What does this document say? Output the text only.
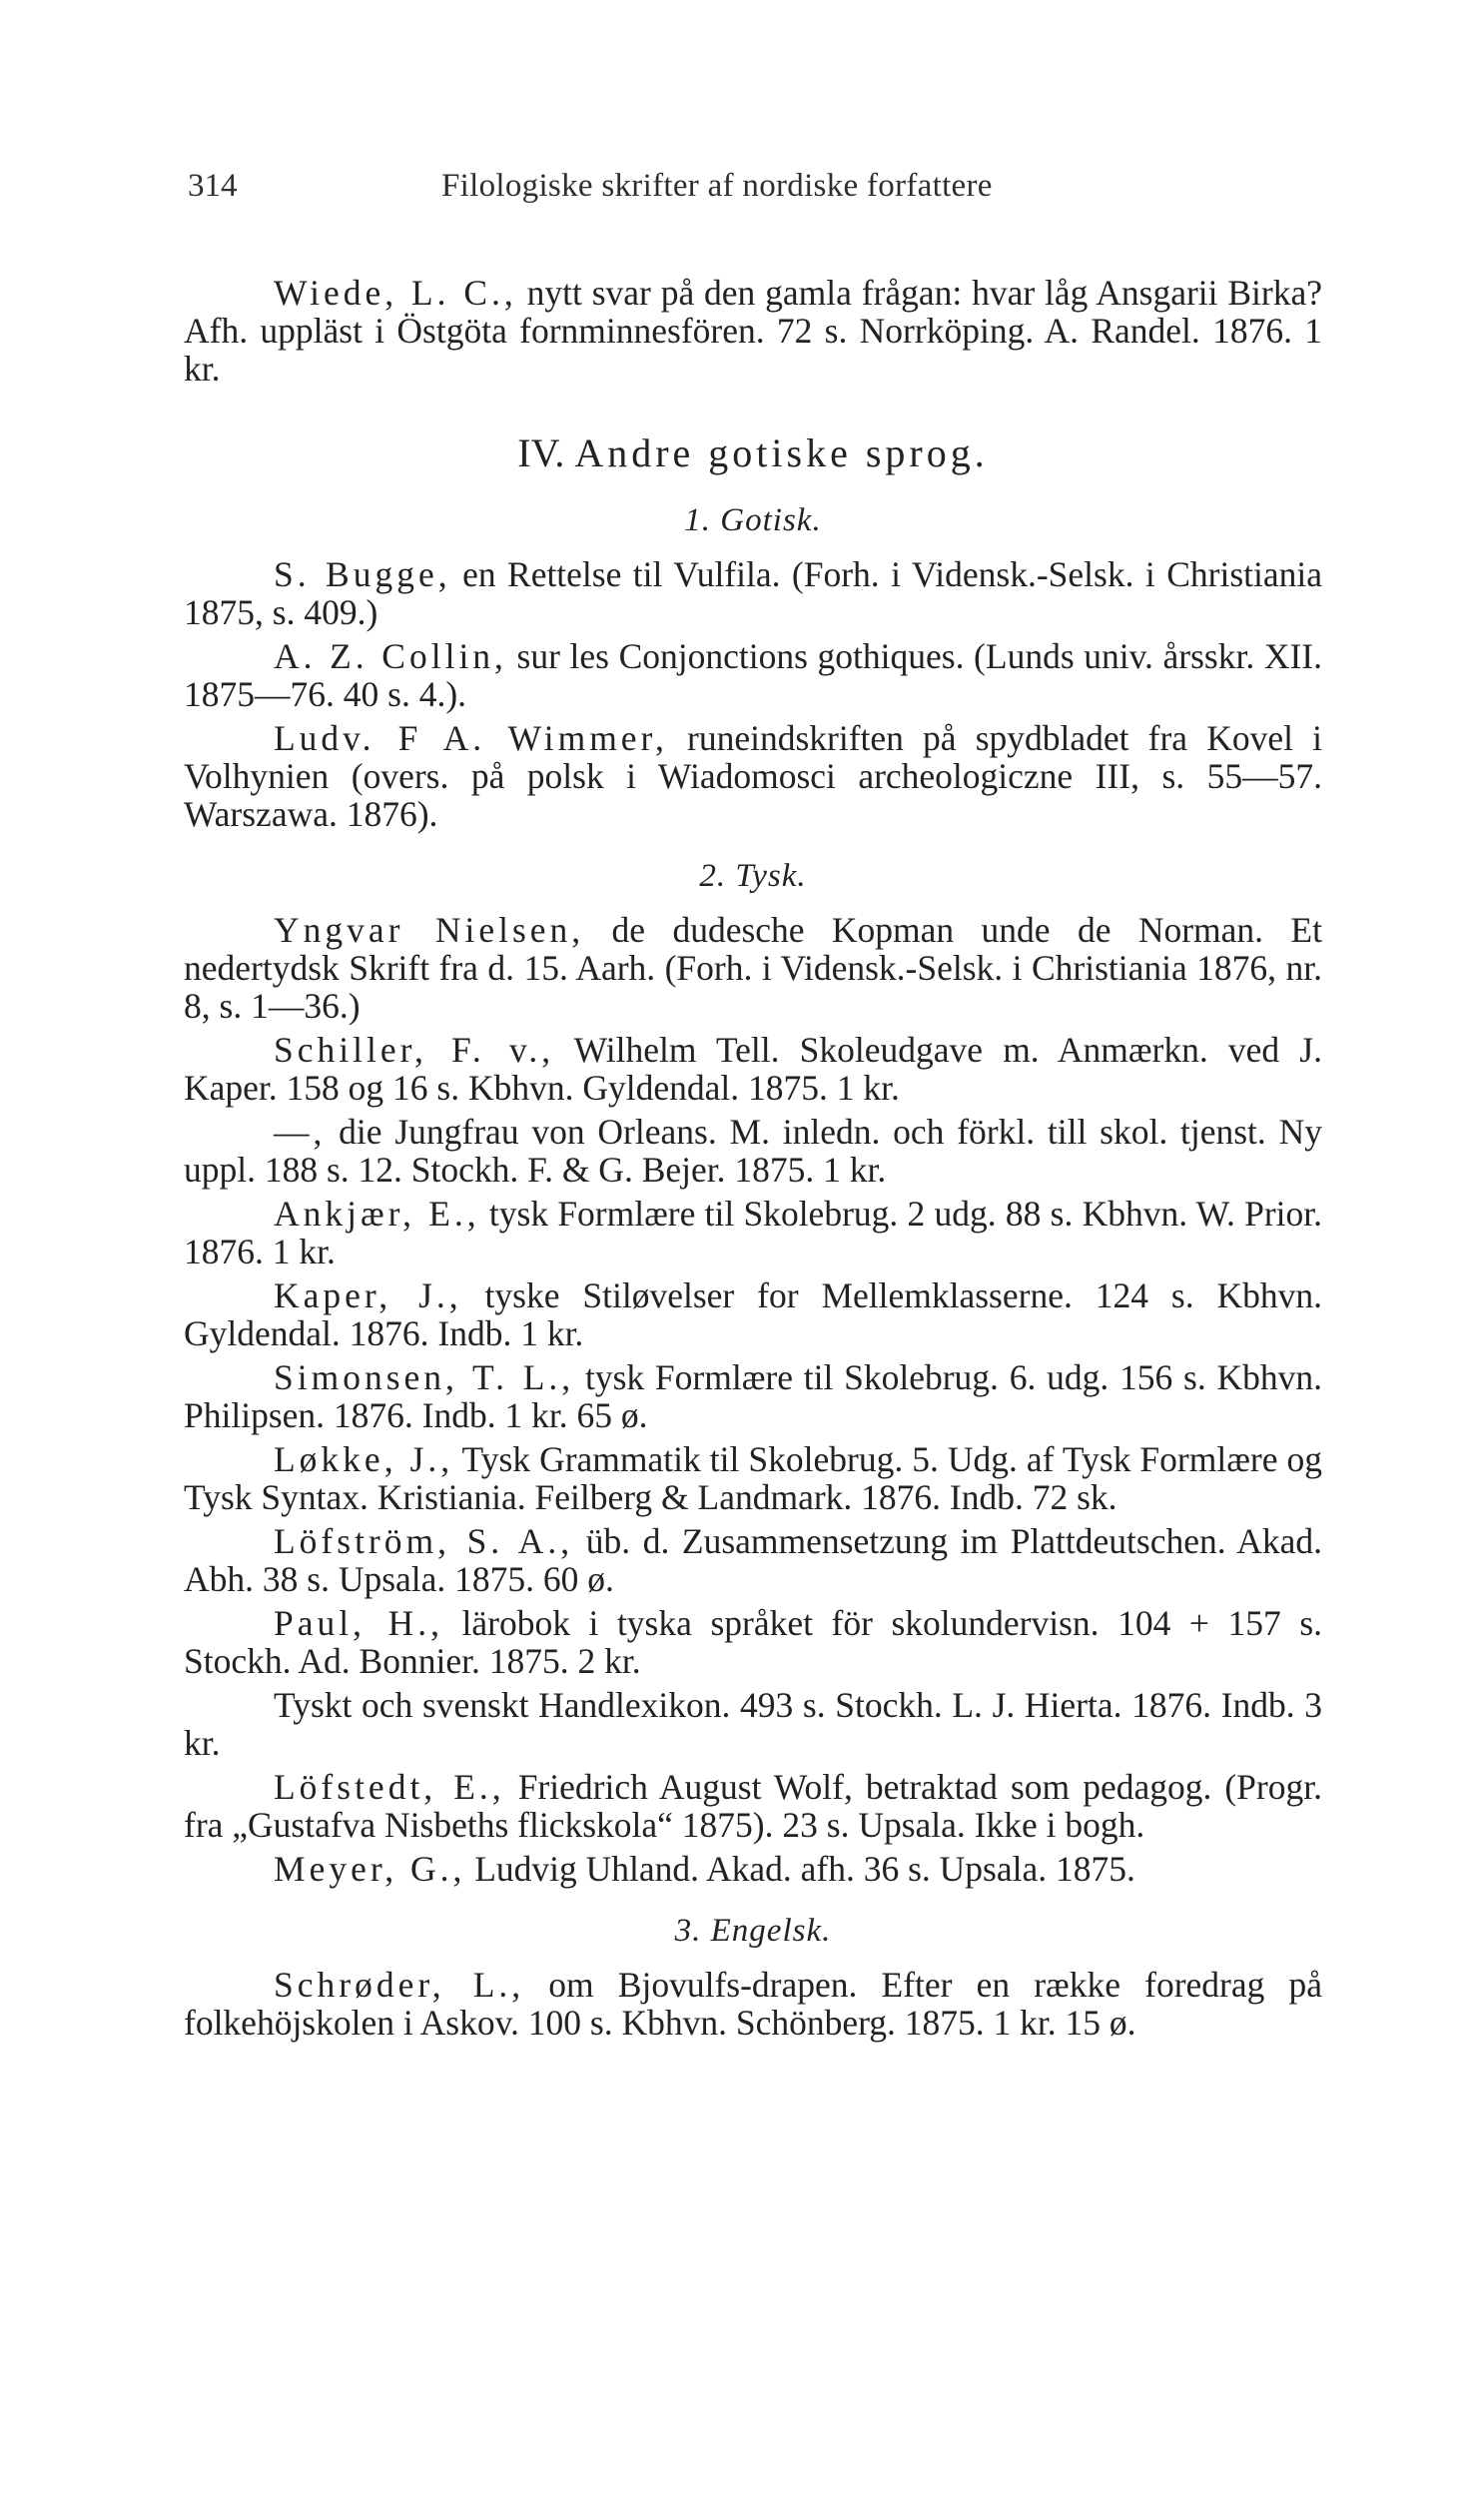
314	Filologiske skrifter af nordiske forfattere

Wiede, L. C., nytt svar på den gamla frågan: hvar låg Ansgarii Birka? Afh. uppläst i Östgöta fornminnesfören. 72 s. Norrköping. A. Randel. 1876. 1 kr.

IV. Andre gotiske sprog.
1. Gotisk.

S. Bugge, en Rettelse til Vulfila. (Forh. i Vidensk.-Selsk. i Christiania 1875, s. 409.)

A. Z. Collin, sur les Conjonctions gothiques. (Lunds univ. årsskr. XII. 1875—76. 40 s. 4.).

Ludv. F A. Wimmer, runeindskriften på spydbladet fra Kovel i Volhynien (overs. på polsk i Wiadomosci archeologiczne III, s. 55—57. Warszawa. 1876).

2. Tysk.

Yngvar Nielsen, de dudesche Kopman unde de Norman. Et nedertydsk Skrift fra d. 15. Aarh. (Forh. i Vidensk.-Selsk. i Christiania 1876, nr. 8, s. 1—36.)

Schiller, F. v., Wilhelm Tell. Skoleudgave m. Anmærkn. ved J. Kaper. 158 og 16 s. Kbhvn. Gyldendal. 1875. 1 kr.

—, die Jungfrau von Orleans. M. inledn. och förkl. till skol. tjenst. Ny uppl. 188 s. 12. Stockh. F. & G. Bejer. 1875. 1 kr.

Ankjær, E., tysk Formlære til Skolebrug. 2 udg. 88 s. Kbhvn. W. Prior. 1876. 1 kr.

Kaper, J., tyske Stiløvelser for Mellemklasserne. 124 s. Kbhvn. Gyldendal. 1876. Indb. 1 kr.

Simonsen, T. L., tysk Formlære til Skolebrug. 6. udg. 156 s. Kbhvn. Philipsen. 1876. Indb. 1 kr. 65 ø.

Løkke, J., Tysk Grammatik til Skolebrug. 5. Udg. af Tysk Formlære og Tysk Syntax. Kristiania. Feilberg & Landmark. 1876. Indb. 72 sk.

Löfström, S. A., üb. d. Zusammensetzung im Plattdeutschen. Akad. Abh. 38 s. Upsala. 1875. 60 ø.

Paul, H., lärobok i tyska språket för skolundervisn. 104 + 157 s. Stockh. Ad. Bonnier. 1875. 2 kr.

Tyskt och svenskt Handlexikon. 493 s. Stockh. L. J. Hierta. 1876. Indb. 3 kr.

Löfstedt, E., Friedrich August Wolf, betraktad som pedagog. (Progr. fra „Gustafva Nisbeths flickskola“ 1875). 23 s. Upsala. Ikke i bogh.

Meyer, G., Ludvig Uhland. Akad. afh. 36 s. Upsala. 1875.

3. Engelsk.

Schrøder, L., om Bjovulfs-drapen. Efter en række foredrag på folkehöjskolen i Askov. 100 s. Kbhvn. Schönberg. 1875. 1 kr. 15 ø.
